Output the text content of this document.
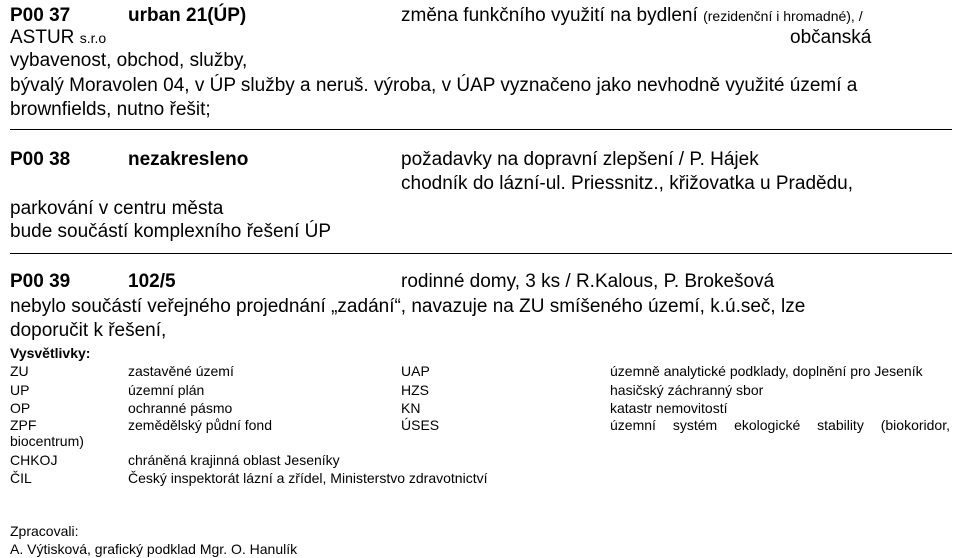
P00 37	urban 21(ÚP)	změna funkčního využití na bydlení (rezidenční i hromadné), /
ASTUR s.r.o	občanská
vybavenost, obchod, služby,
bývalý Moravolen 04, v ÚP služby a neruš. výroba, v ÚAP vyznačeno jako nevhodně využité území a
brownfields, nutno řešit;
P00 38	nezakresleno	požadavky na dopravní zlepšení / P. Hájek
chodník do lázní-ul. Priessnitz., křižovatka u Pradědu,
parkování v centru města
bude součástí komplexního řešení ÚP
P00 39	102/5	rodinné domy, 3 ks / R.Kalous, P. Brokešová
nebylo součástí veřejného projednání „zadání“, navazuje na ZU smíšeného území, k.ú.seč, lze
doporučit k řešení,
Vysvětlivky:
ZU	zastavěné území	UAP	územně analytické podklady, doplnění pro Jeseník
UP	územní plán	HZS	hasičský záchranný sbor
OP	ochranné pásmo	KN	katastr nemovitostí
ZPF	zemědělský půdní fond	ÚSES	územní systém ekologické stability (biokoridor,
biocentrum)
CHKOJ	chráněná krajinná oblast Jeseníky
ČIL	Český inspektorát lázní a zřídel, Ministerstvo zdravotnictví
Zpracovali:
A. Výtisková, grafický podklad Mgr. O. Hanulík
